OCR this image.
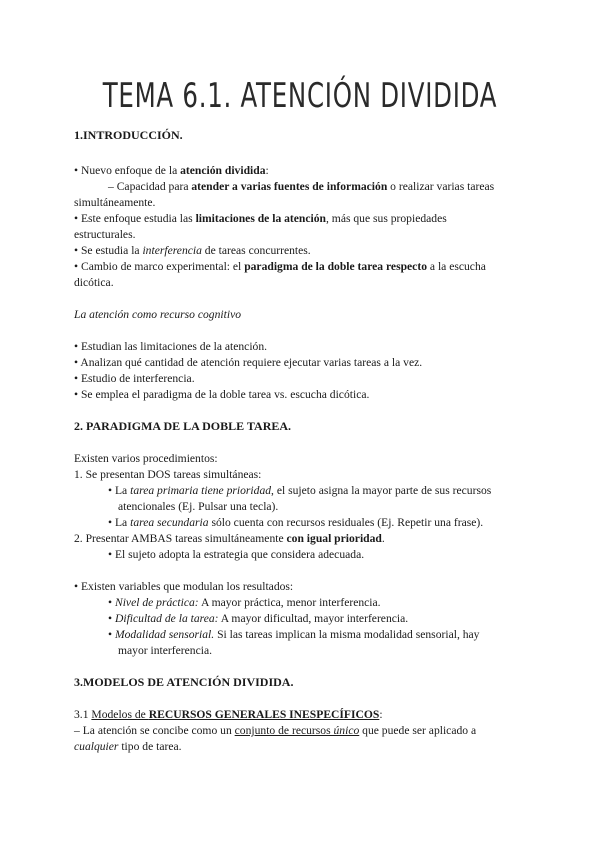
TEMA 6.1. ATENCIÓN DIVIDIDA
1.INTRODUCCIÓN.
• Nuevo enfoque de la atención dividida:
– Capacidad para atender a varias fuentes de información o realizar varias tareas
simultáneamente.
• Este enfoque estudia las limitaciones de la atención, más que sus propiedades
estructurales.
• Se estudia la interferencia de tareas concurrentes.
• Cambio de marco experimental: el paradigma de la doble tarea respecto a la escucha
dicótica.
La atención como recurso cognitivo
• Estudian las limitaciones de la atención.
• Analizan qué cantidad de atención requiere ejecutar varias tareas a la vez.
• Estudio de interferencia.
• Se emplea el paradigma de la doble tarea vs. escucha dicótica.
2. PARADIGMA DE LA DOBLE TAREA.
Existen varios procedimientos:
1. Se presentan DOS tareas simultáneas:
• La tarea primaria tiene prioridad, el sujeto asigna la mayor parte de sus recursos
atencionales (Ej. Pulsar una tecla).
• La tarea secundaria sólo cuenta con recursos residuales (Ej. Repetir una frase).
2. Presentar AMBAS tareas simultáneamente con igual prioridad.
• El sujeto adopta la estrategia que considera adecuada.
• Existen variables que modulan los resultados:
• Nivel de práctica: A mayor práctica, menor interferencia.
• Dificultad de la tarea: A mayor dificultad, mayor interferencia.
• Modalidad sensorial. Si las tareas implican la misma modalidad sensorial, hay
mayor interferencia.
3.MODELOS DE ATENCIÓN DIVIDIDA.
3.1 Modelos de RECURSOS GENERALES INESPECÍFICOS:
– La atención se concibe como un conjunto de recursos único que puede ser aplicado a
cualquier tipo de tarea.
